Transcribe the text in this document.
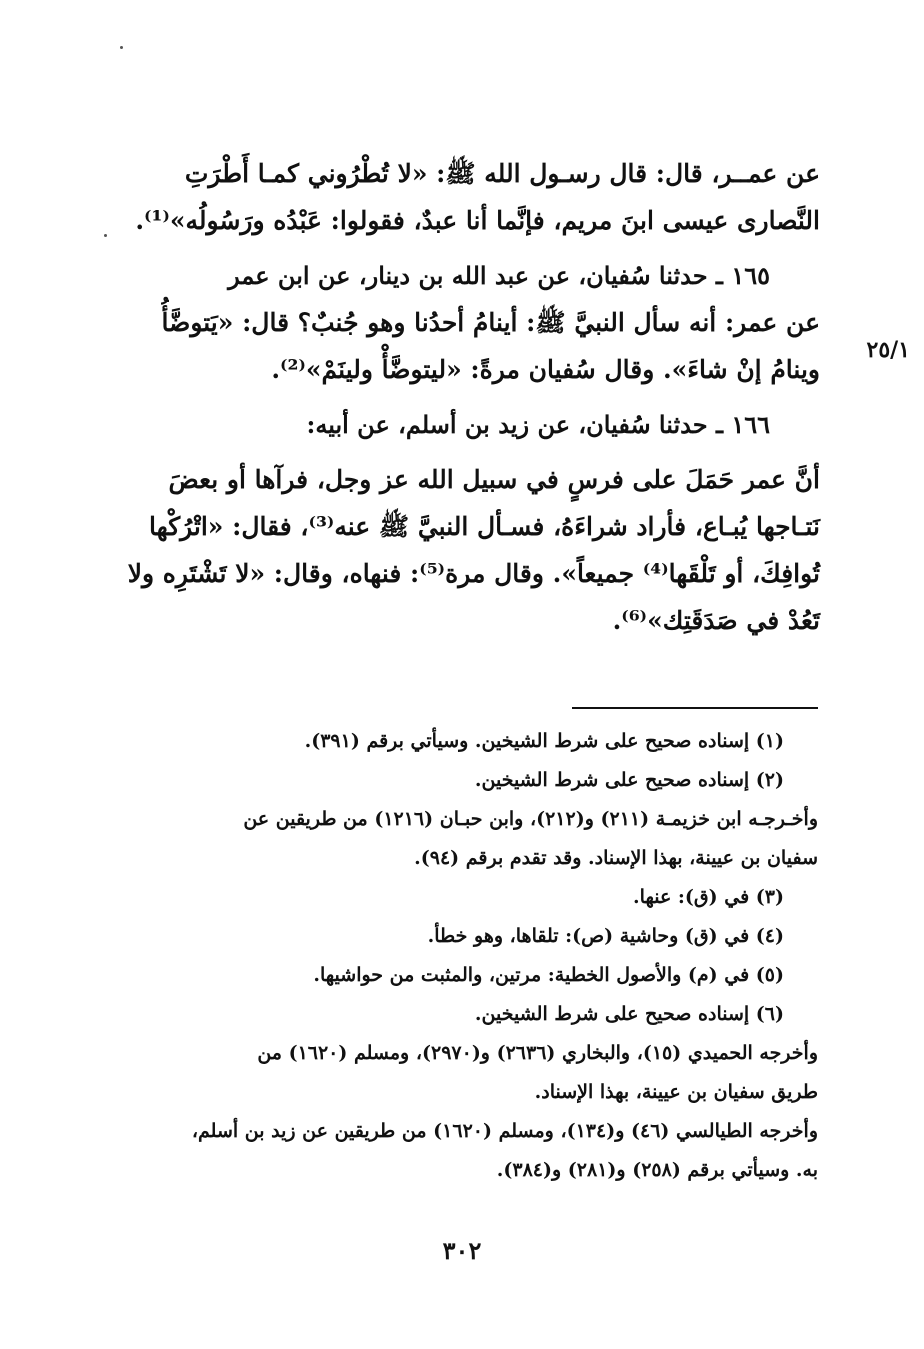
٢٥/١
عن عمــر، قال: قال رسـول الله ﷺ: «لا تُطْرُوني كمـا أَطْرَتِ
النَّصارى عيسى ابنَ مريم، فإنَّما أنا عبدٌ، فقولوا: عَبْدُه ورَسُولُه»⁽¹⁾.
١٦٥ ـ حدثنا سُفيان، عن عبد الله بن دينار، عن ابن عمر
عن عمر: أنه سأل النبيَّ ﷺ: أينامُ أحدُنا وهو جُنبٌ؟ قال: «يَتوضَّأُ
وينامُ إنْ شاءَ». وقال سُفيان مرةً: «ليتوضَّأْ ولينَمْ»⁽²⁾.
١٦٦ ـ حدثنا سُفيان، عن زيد بن أسلم، عن أبيه:
أنَّ عمر حَمَلَ على فرسٍ في سبيل الله عز وجل، فرآها أو بعضَ
نَتـاجها يُبـاع، فأراد شراءَهُ، فسـأل النبيَّ ﷺ عنه⁽³⁾، فقال: «اتْرُكْها
تُوافِكَ، أو تَلْقَها⁽⁴⁾ جميعاً». وقال مرة⁽⁵⁾: فنهاه، وقال: «لا تَشْتَرِه ولا
تَعُدْ في صَدَقَتِك»⁽⁶⁾.
(١) إسناده صحيح على شرط الشيخين. وسيأتي برقم (٣٩١).
(٢) إسناده صحيح على شرط الشيخين.
وأخـرجـه ابن خزيمـة (٢١١) و(٢١٢)، وابن حبـان (١٢١٦) من طريقين عن
سفيان بن عيينة، بهذا الإسناد. وقد تقدم برقم (٩٤).
(٣) في (ق): عنها.
(٤) في (ق) وحاشية (ص): تلقاها، وهو خطأ.
(٥) في (م) والأصول الخطية: مرتين، والمثبت من حواشيها.
(٦) إسناده صحيح على شرط الشيخين.
وأخرجه الحميدي (١٥)، والبخاري (٢٦٣٦) و(٢٩٧٠)، ومسلم (١٦٢٠) من
طريق سفيان بن عيينة، بهذا الإسناد.
وأخرجه الطيالسي (٤٦) و(١٣٤)، ومسلم (١٦٢٠) من طريقين عن زيد بن أسلم،
به. وسيأتي برقم (٢٥٨) و(٢٨١) و(٣٨٤).
٣٠٢
